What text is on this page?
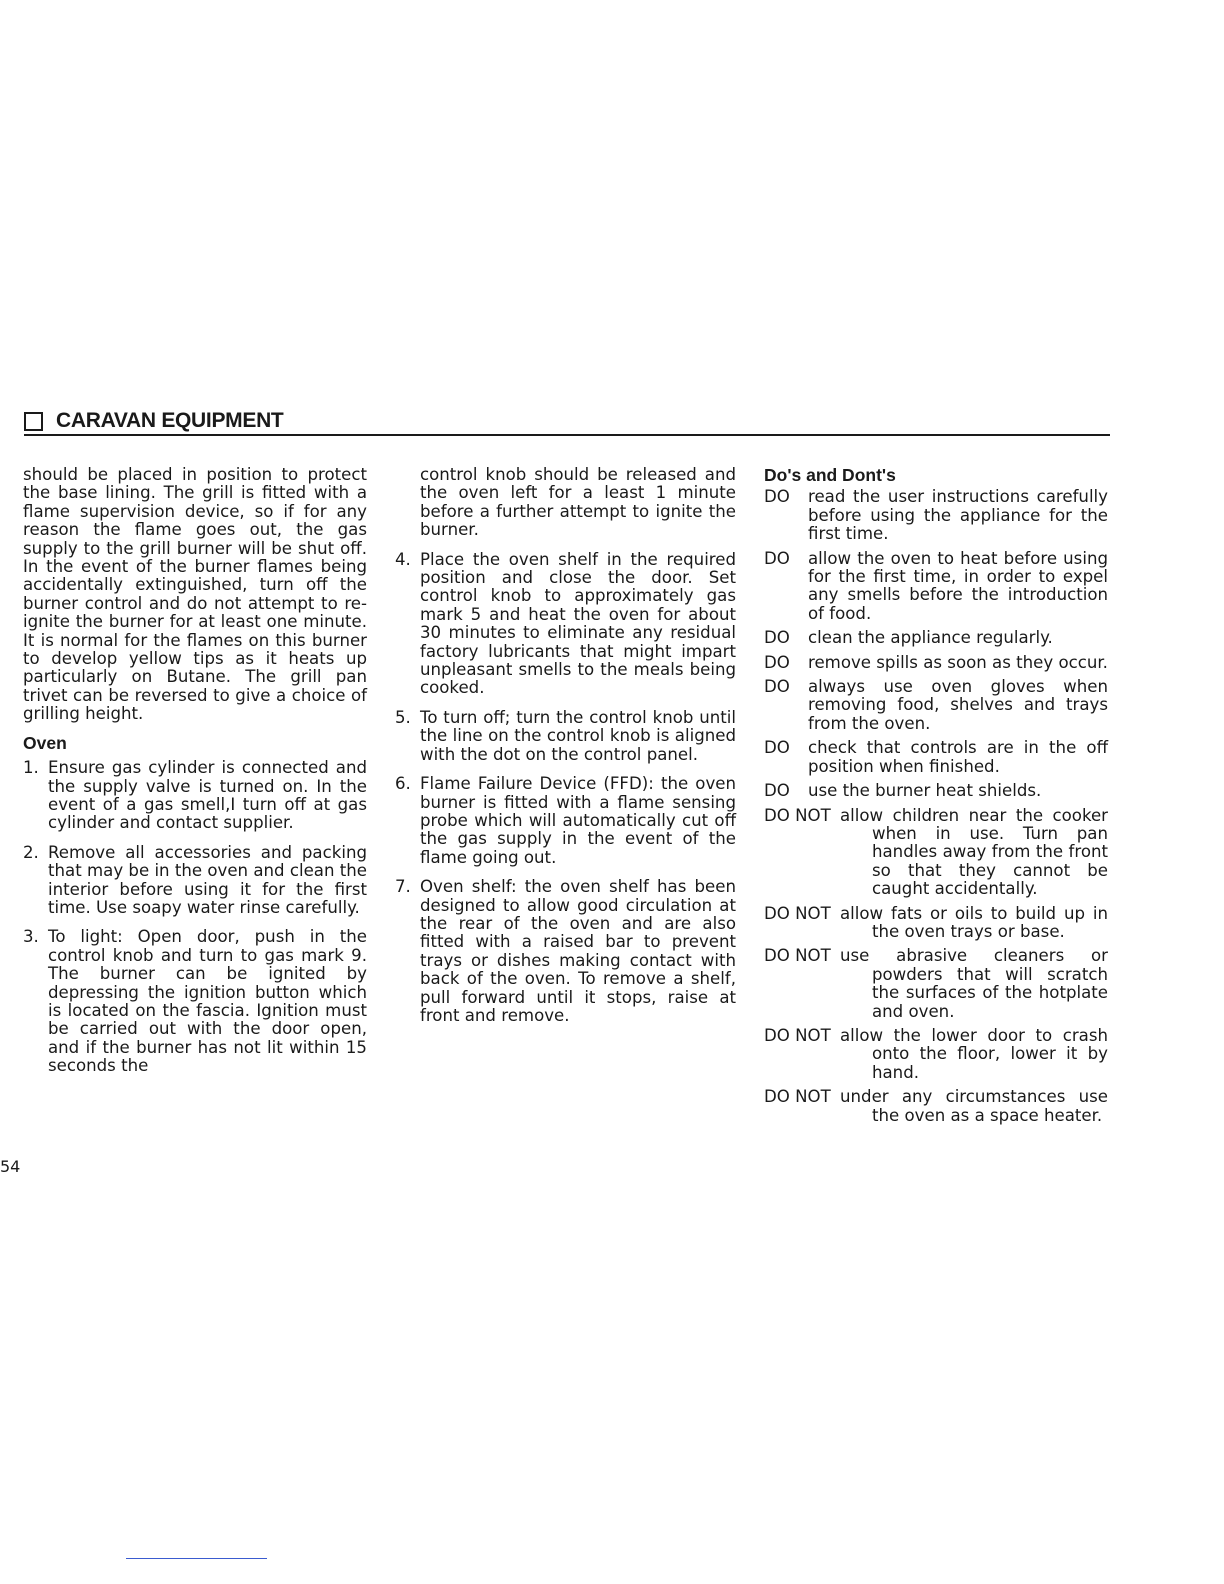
CARAVAN EQUIPMENT

should be placed in position to protect the base lining. The grill is fitted with a flame supervision device, so if for any reason the flame goes out, the gas supply to the grill burner will be shut off. In the event of the burner flames being accidentally extinguished, turn off the burner control and do not attempt to re-ignite the burner for at least one minute. It is normal for the flames on this burner to develop yellow tips as it heats up particularly on Butane. The grill pan trivet can be reversed to give a choice of grilling height.

Oven
1. Ensure gas cylinder is connected and the supply valve is turned on. In the event of a gas smell,I turn off at gas cylinder and contact supplier.
2. Remove all accessories and packing that may be in the oven and clean the interior before using it for the first time. Use soapy water rinse carefully.
3. To light: Open door, push in the control knob and turn to gas mark 9. The burner can be ignited by depressing the ignition button which is located on the fascia. Ignition must be carried out with the door open, and if the burner has not lit within 15 seconds the
control knob should be released and the oven left for a least 1 minute before a further attempt to ignite the burner.
4. Place the oven shelf in the required position and close the door. Set control knob to approximately gas mark 5 and heat the oven for about 30 minutes to eliminate any residual factory lubricants that might impart unpleasant smells to the meals being cooked.
5. To turn off; turn the control knob until the line on the control knob is aligned with the dot on the control panel.
6. Flame Failure Device (FFD): the oven burner is fitted with a flame sensing probe which will automatically cut off the gas supply in the event of the flame going out.
7. Oven shelf: the oven shelf has been designed to allow good circulation at the rear of the oven and are also fitted with a raised bar to prevent trays or dishes making contact with back of the oven. To remove a shelf, pull forward until it stops, raise at front and remove.
Do's and Dont's
DO	read the user instructions carefully before using the appliance for the first time.
DO	allow the oven to heat before using for the first time, in order to expel any smells before the introduction of food.
DO	clean the appliance regularly.
DO	remove spills as soon as they occur.
DO	always use oven gloves when removing food, shelves and trays from the oven.
DO	check that controls are in the off position when finished.
DO	use the burner heat shields.
DO NOT allow children near the cooker when in use. Turn pan handles away from the front so that they cannot be caught accidentally.
DO NOT allow fats or oils to build up in the oven trays or base.
DO NOT use abrasive cleaners or powders that will scratch the surfaces of the hotplate and oven.
DO NOT allow the lower door to crash onto the floor, lower it by hand.
DO NOT under any circumstances use the oven as a space heater.
54
